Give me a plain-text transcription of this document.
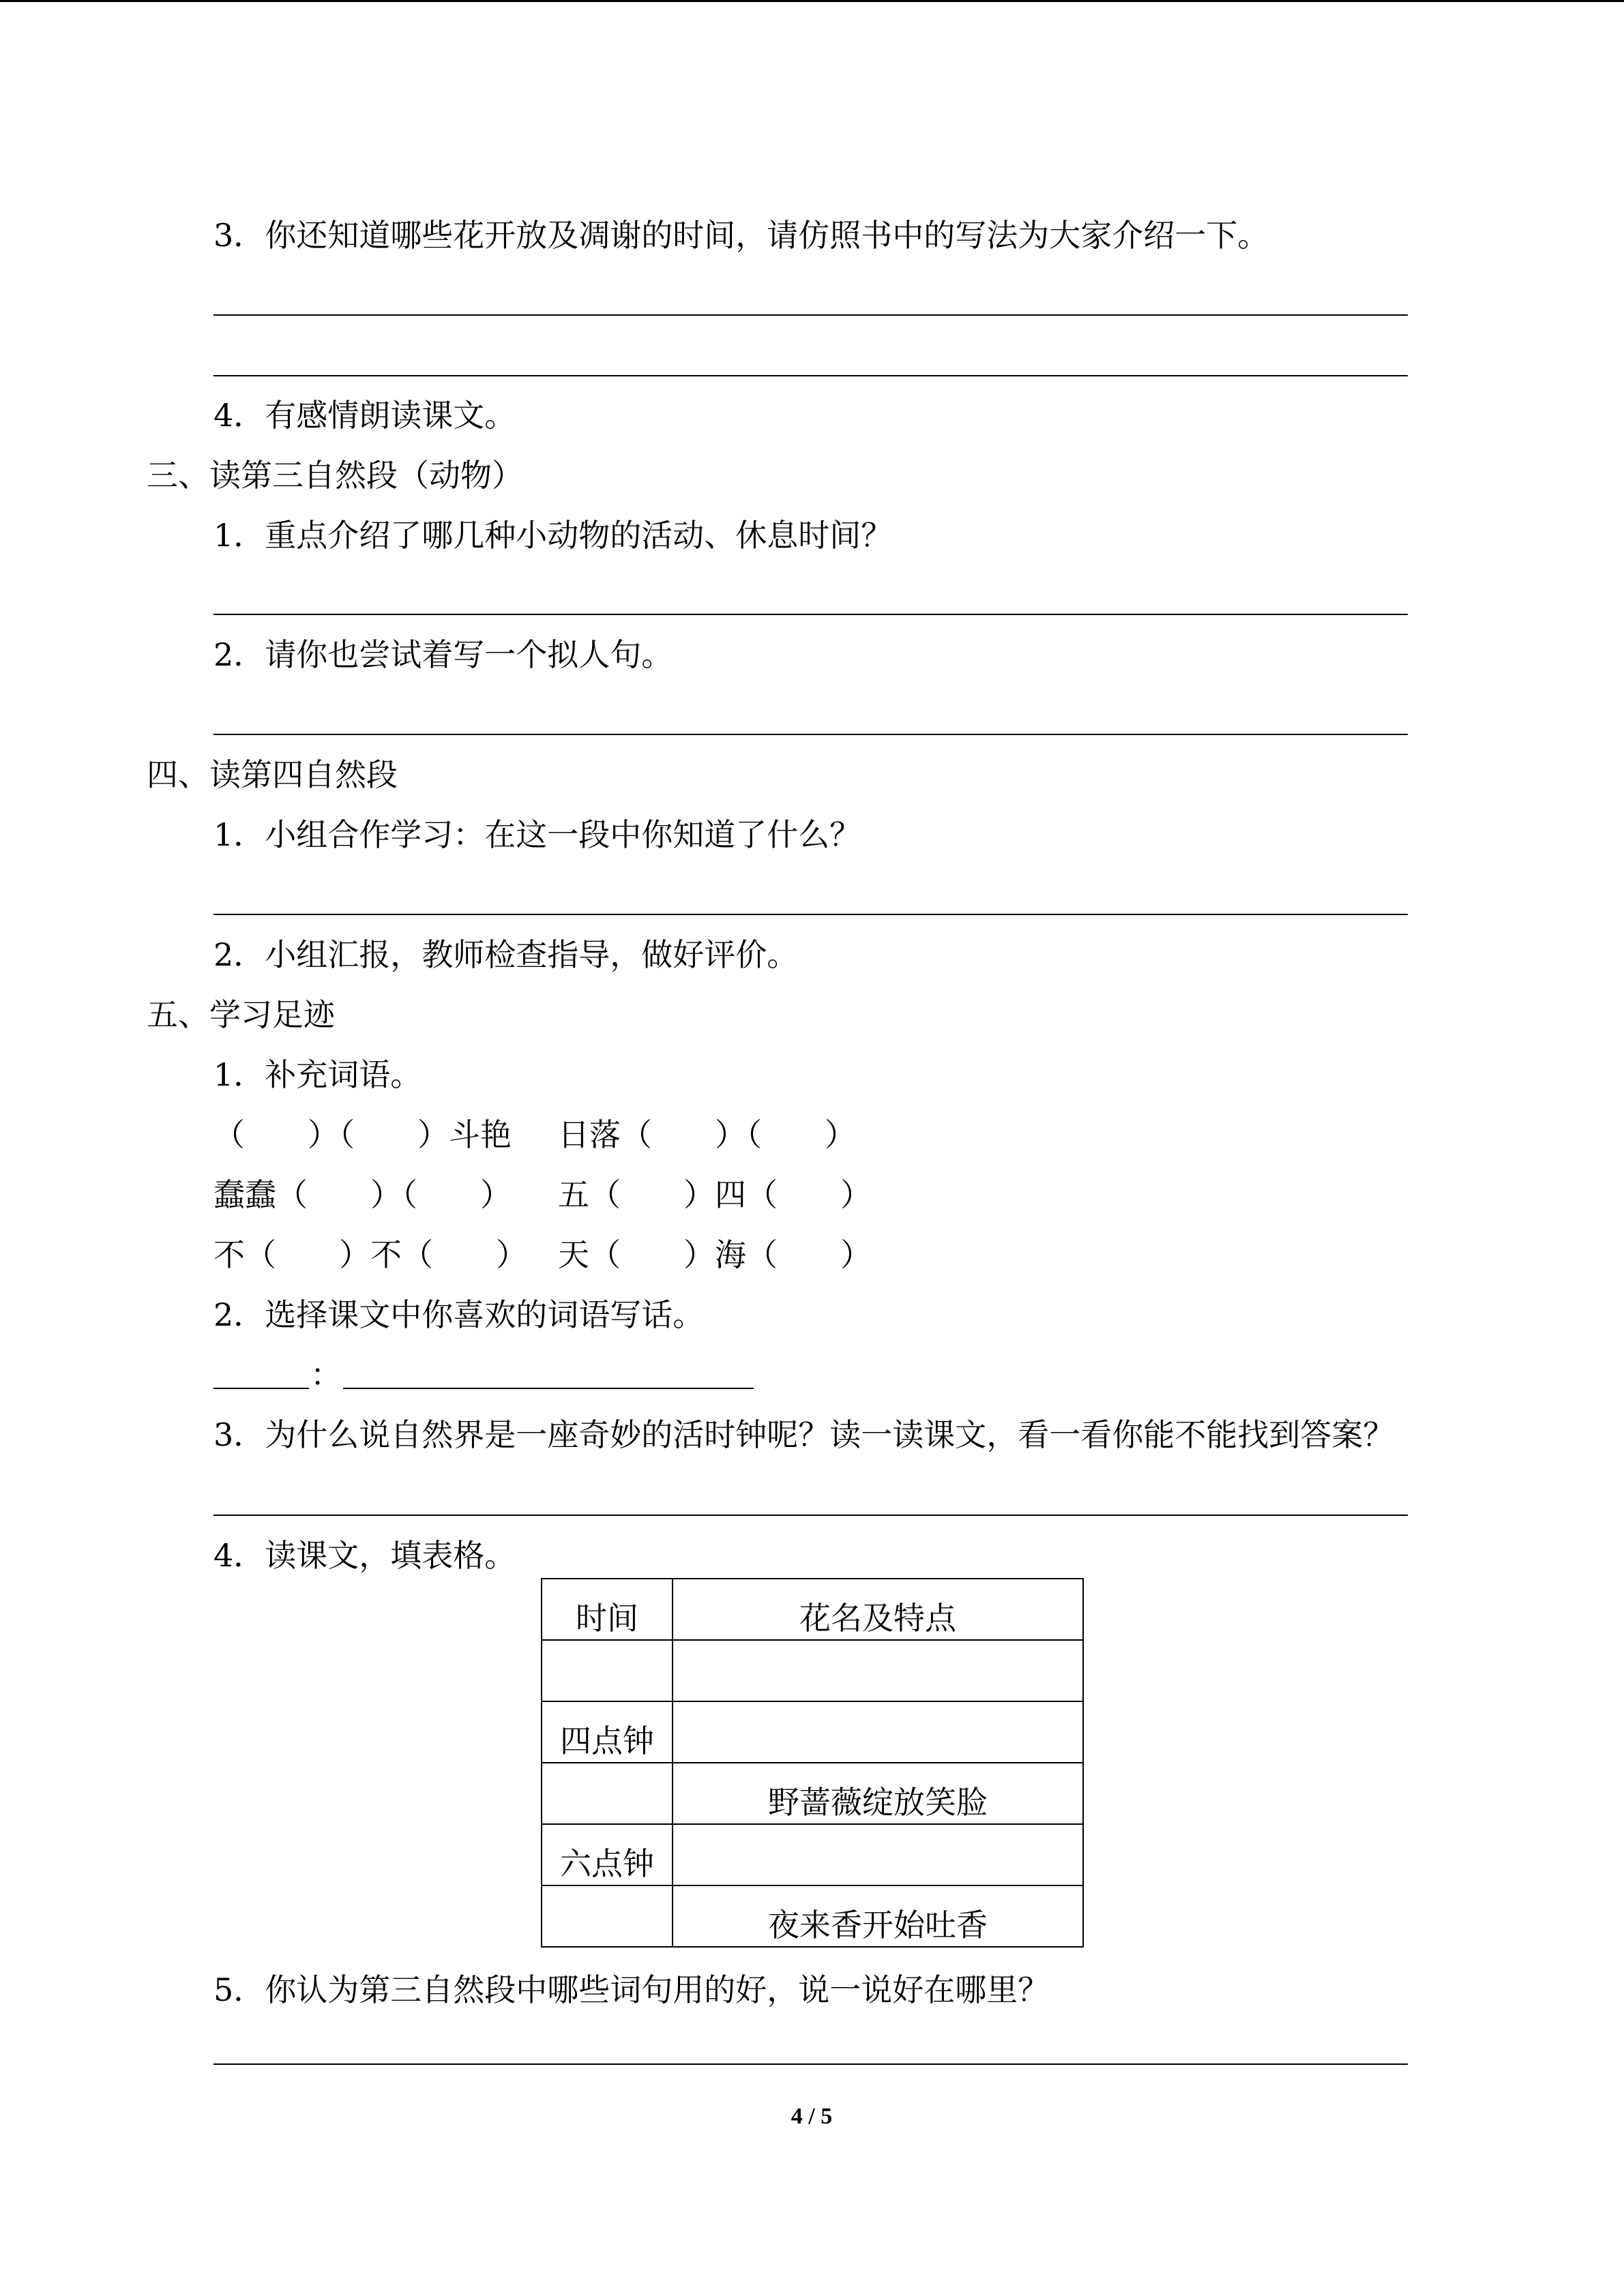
3．你还知道哪些花开放及凋谢的时间，请仿照书中的写法为大家介绍一下。
4．有感情朗读课文。
三、读第三自然段（动物）
1．重点介绍了哪几种小动物的活动、休息时间？
2．请你也尝试着写一个拟人句。
四、读第四自然段
1．小组合作学习：在这一段中你知道了什么？
2．小组汇报，教师检查指导，做好评价。
五、学习足迹
1．补充词语。
（　　）（　　）斗艳 日落（　　）（　　）
蠢蠢（　　）（　　） 五（　　）四（　　）
不（　　）不（　　） 天（　　）海（　　）
2．选择课文中你喜欢的词语写话。
：
3．为什么说自然界是一座奇妙的活时钟呢？读一读课文，看一看你能不能找到答案？
4．读课文，填表格。
时间	花名及特点

四点钟	
	野蔷薇绽放笑脸
六点钟	
	夜来香开始吐香
5．你认为第三自然段中哪些词句用的好，说一说好在哪里？
4 / 5
